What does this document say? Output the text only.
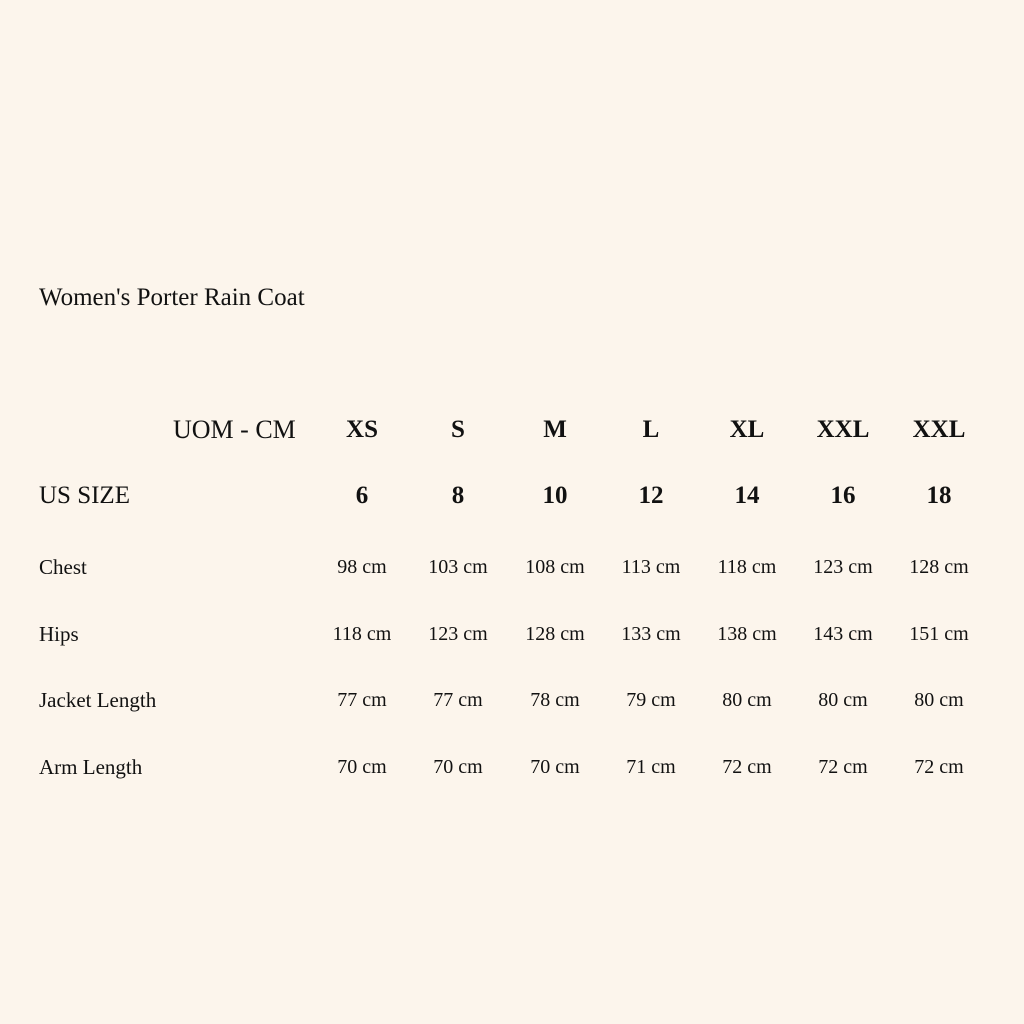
Women's Porter Rain Coat
UOM - CM	XS	S	M	L	XL	XXL	XXL
US SIZE	6	8	10	12	14	16	18
Chest	98 cm	103 cm	108 cm	113 cm	118 cm	123 cm	128 cm
Hips	118 cm	123 cm	128 cm	133 cm	138 cm	143 cm	151 cm
Jacket Length	77 cm	77 cm	78 cm	79 cm	80 cm	80 cm	80 cm
Arm Length	70 cm	70 cm	70 cm	71 cm	72 cm	72 cm	72 cm
